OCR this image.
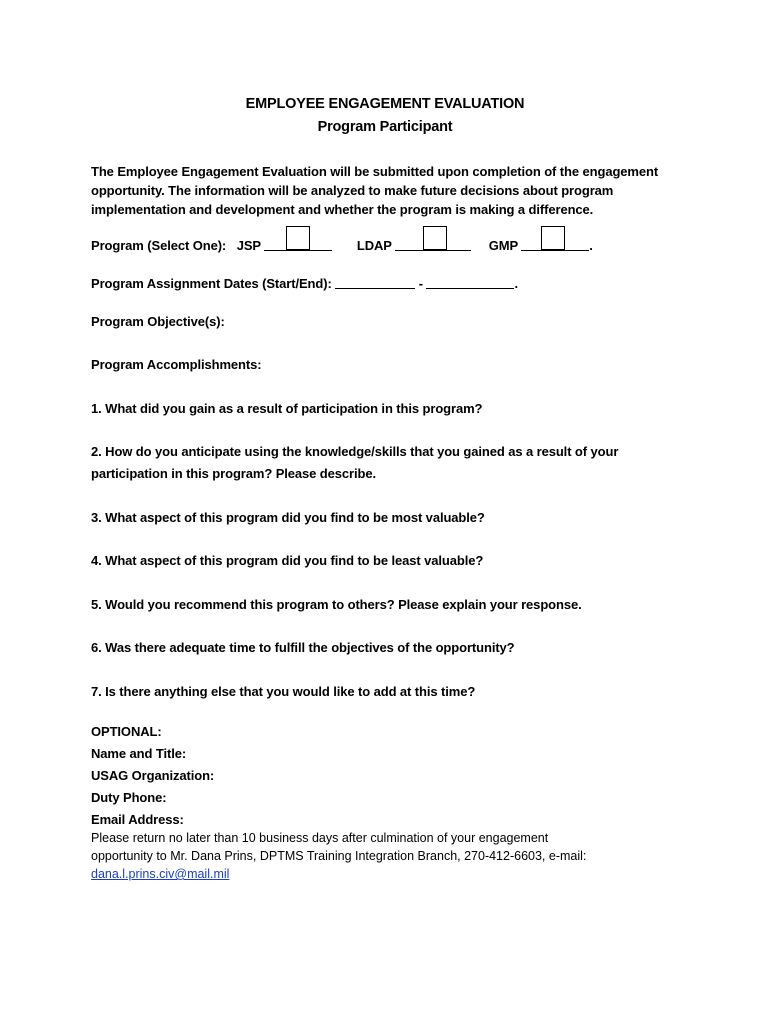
EMPLOYEE ENGAGEMENT EVALUATION
Program Participant
The Employee Engagement Evaluation will be submitted upon completion of the engagement opportunity. The information will be analyzed to make future decisions about program implementation and development and whether the program is making a difference.
Program (Select One): JSP	LDAP	GMP	.
Program Assignment Dates (Start/End):	-	.
Program Objective(s):
Program Accomplishments:
1. What did you gain as a result of participation in this program?
2. How do you anticipate using the knowledge/skills that you gained as a result of your
participation in this program? Please describe.
3. What aspect of this program did you find to be most valuable?
4. What aspect of this program did you find to be least valuable?
5. Would you recommend this program to others? Please explain your response.
6. Was there adequate time to fulfill the objectives of the opportunity?
7. Is there anything else that you would like to add at this time?
OPTIONAL:
Name and Title:
USAG Organization:
Duty Phone:
Email Address:
Please return no later than 10 business days after culmination of your engagement
opportunity to Mr. Dana Prins, DPTMS Training Integration Branch, 270-412-6603, e-mail:
dana.l.prins.civ@mail.mil
